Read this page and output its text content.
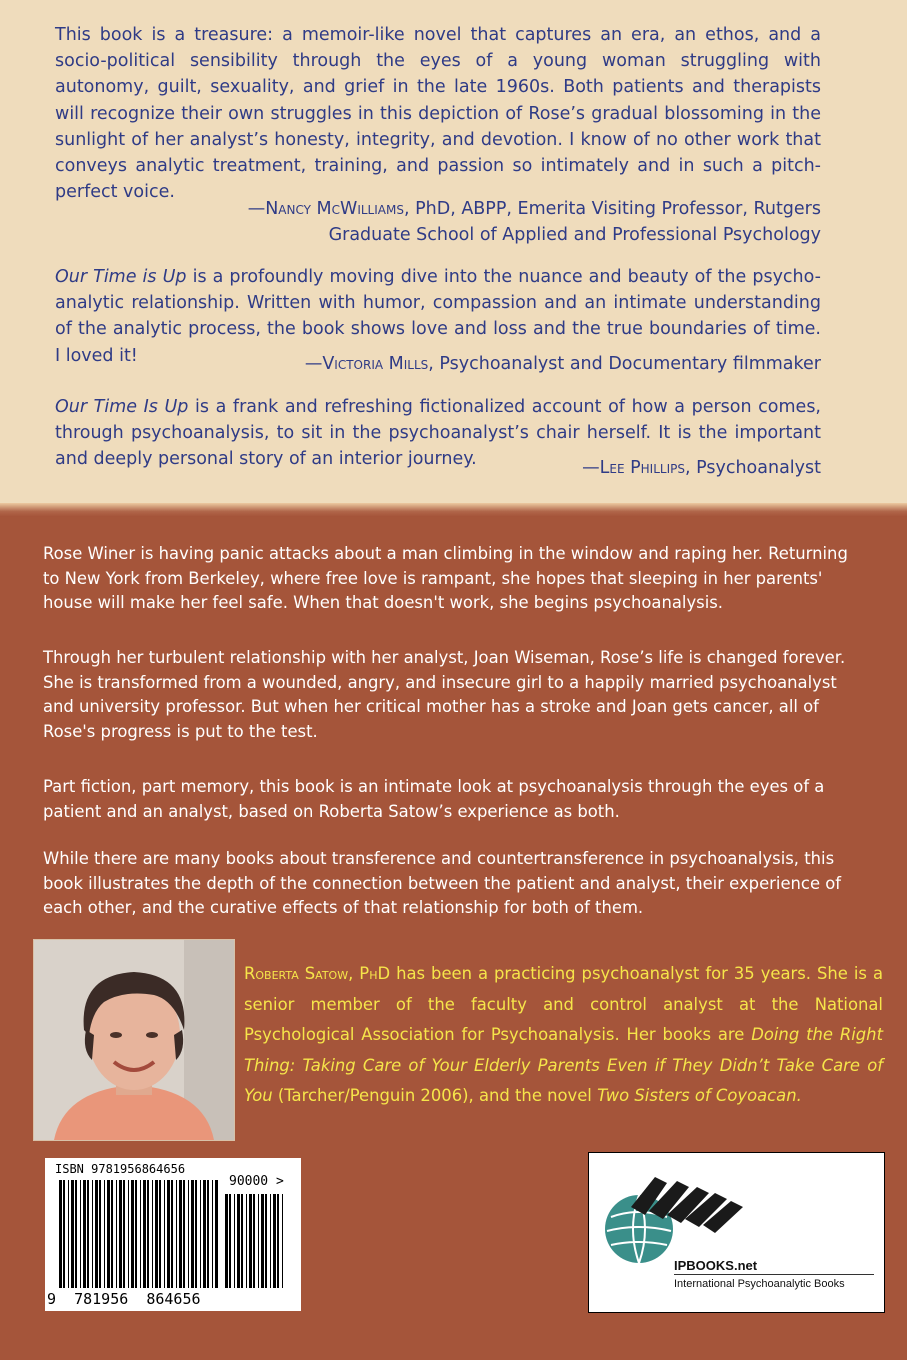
This book is a treasure: a memoir-like novel that captures an era, an ethos, and a socio-political sensibility through the eyes of a young woman struggling with autonomy, guilt, sexuality, and grief in the late 1960s. Both patients and therapists will recognize their own struggles in this depiction of Rose’s gradual blossoming in the sunlight of her analyst’s honesty, integrity, and devotion. I know of no other work that conveys analytic treatment, training, and passion so intimately and in such a pitch-perfect voice.

—Nancy McWilliams, PhD, ABPP, Emerita Visiting Professor, Rutgers
Graduate School of Applied and Professional Psychology

Our Time is Up is a profoundly moving dive into the nuance and beauty of the psycho-analytic relationship. Written with humor, compassion and an intimate understanding of the analytic process, the book shows love and loss and the true boundaries of time. I loved it!	—Victoria Mills, Psychoanalyst and Documentary filmmaker

Our Time Is Up is a frank and refreshing fictionalized account of how a person comes, through psychoanalysis, to sit in the psychoanalyst’s chair herself. It is the important and deeply personal story of an interior journey.	—Lee Phillips, Psychoanalyst

Rose Winer is having panic attacks about a man climbing in the window and raping her. Returning to New York from Berkeley, where free love is rampant, she hopes that sleeping in her parents' house will make her feel safe. When that doesn't work, she begins psychoanalysis.

Through her turbulent relationship with her analyst, Joan Wiseman, Rose’s life is changed forever. She is transformed from a wounded, angry, and insecure girl to a happily married psychoanalyst and university professor. But when her critical mother has a stroke and Joan gets cancer, all of Rose's progress is put to the test.

Part fiction, part memory, this book is an intimate look at psychoanalysis through the eyes of a patient and an analyst, based on Roberta Satow’s experience as both.

While there are many books about transference and countertransference in psychoanalysis, this book illustrates the depth of the connection between the patient and analyst, their experience of each other, and the curative effects of that relationship for both of them.

Roberta Satow, PhD has been a practicing psychoanalyst for 35 years. She is a senior member of the faculty and control analyst at the National Psychological Association for Psychoanalysis. Her books are Doing the Right Thing: Taking Care of Your Elderly Parents Even if They Didn’t Take Care of You (Tarcher/Penguin 2006), and the novel Two Sisters of Coyoacan.

ISBN 9781956864656
90000 >
9  781956  864656
IPBOOKS.net
International Psychoanalytic Books
